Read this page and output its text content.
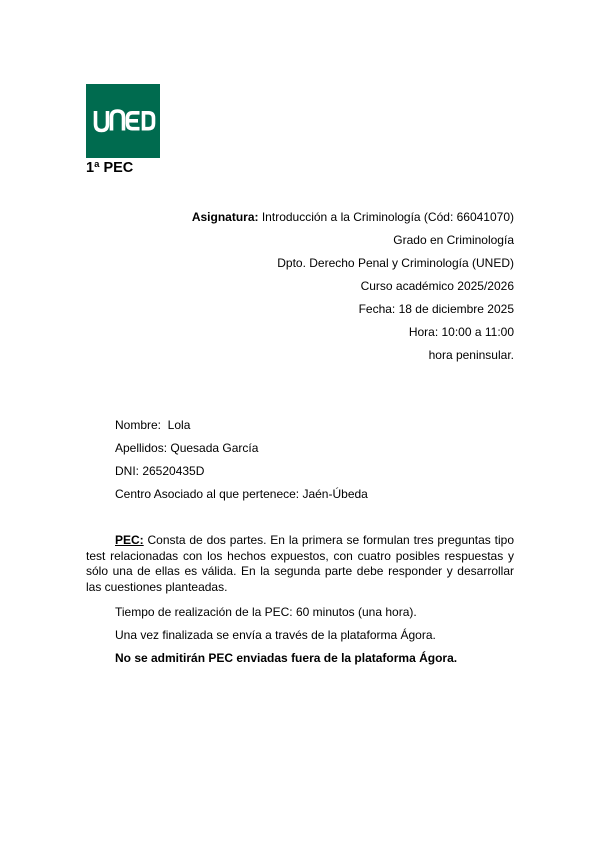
1ª PEC
Asignatura: Introducción a la Criminología (Cód: 66041070)
Grado en Criminología
Dpto. Derecho Penal y Criminología (UNED)
Curso académico 2025/2026
Fecha: 18 de diciembre 2025
Hora: 10:00 a 11:00
hora peninsular.
Nombre:  Lola
Apellidos: Quesada García
DNI: 26520435D
Centro Asociado al que pertenece: Jaén-Úbeda
PEC: Consta de dos partes. En la primera se formulan tres preguntas tipo test relacionadas con los hechos expuestos, con cuatro posibles respuestas y sólo una de ellas es válida. En la segunda parte debe responder y desarrollar las cuestiones planteadas.
Tiempo de realización de la PEC: 60 minutos (una hora).
Una vez finalizada se envía a través de la plataforma Ágora.
No se admitirán PEC enviadas fuera de la plataforma Ágora.
